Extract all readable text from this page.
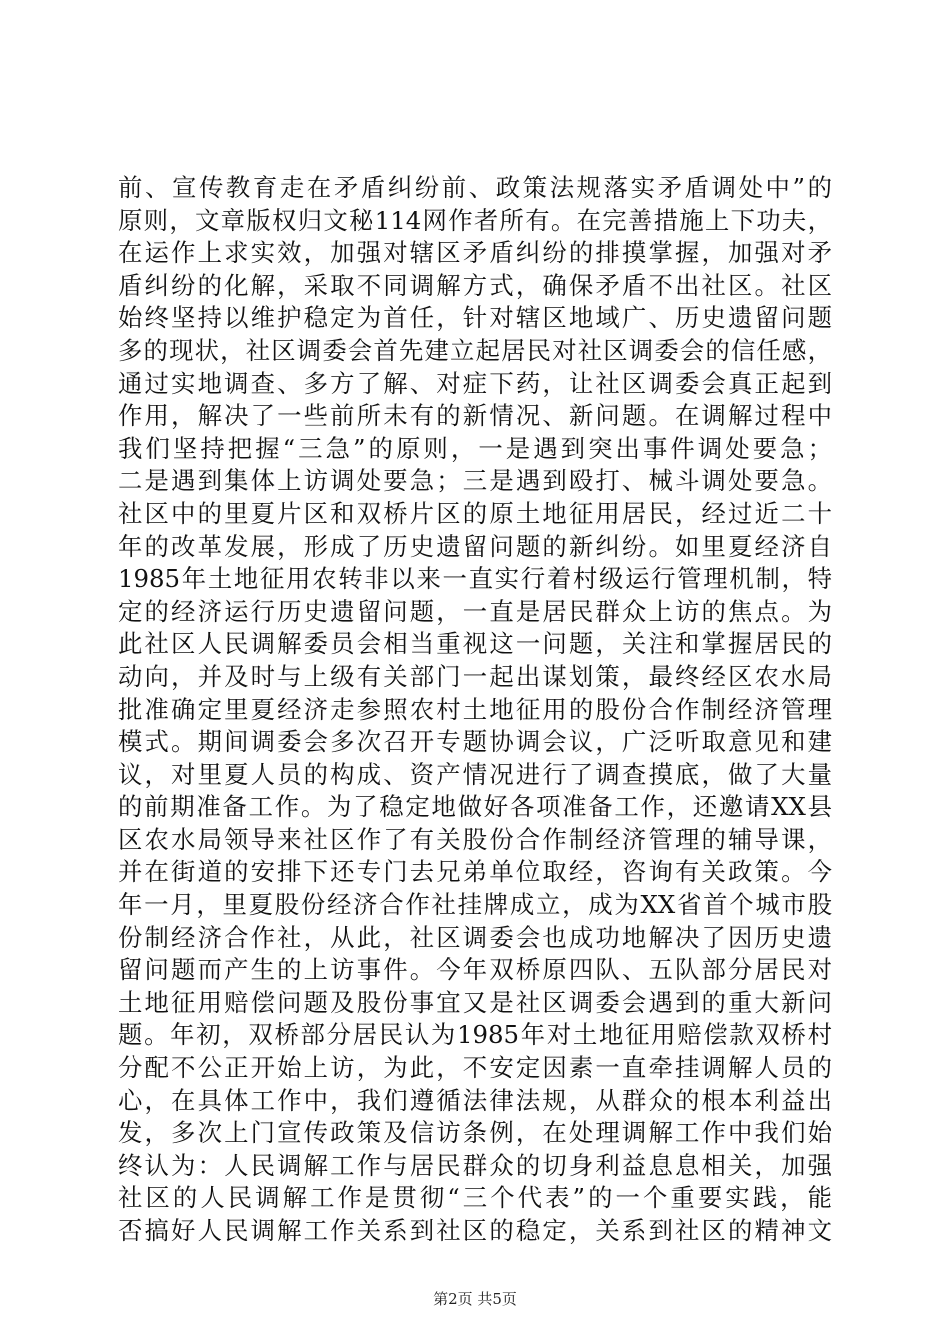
前、宣传教育走在矛盾纠纷前、政策法规落实矛盾调处中”的
原则，文章版权归文秘114网作者所有。在完善措施上下功夫，
在运作上求实效，加强对辖区矛盾纠纷的排摸掌握，加强对矛
盾纠纷的化解，采取不同调解方式，确保矛盾不出社区。社区
始终坚持以维护稳定为首任，针对辖区地域广、历史遗留问题
多的现状，社区调委会首先建立起居民对社区调委会的信任感，
通过实地调查、多方了解、对症下药，让社区调委会真正起到
作用，解决了一些前所未有的新情况、新问题。在调解过程中
我们坚持把握“三急”的原则，一是遇到突出事件调处要急；
二是遇到集体上访调处要急；三是遇到殴打、械斗调处要急。
社区中的里夏片区和双桥片区的原土地征用居民，经过近二十
年的改革发展，形成了历史遗留问题的新纠纷。如里夏经济自
1985年土地征用农转非以来一直实行着村级运行管理机制，特
定的经济运行历史遗留问题，一直是居民群众上访的焦点。为
此社区人民调解委员会相当重视这一问题，关注和掌握居民的
动向，并及时与上级有关部门一起出谋划策，最终经区农水局
批准确定里夏经济走参照农村土地征用的股份合作制经济管理
模式。期间调委会多次召开专题协调会议，广泛听取意见和建
议，对里夏人员的构成、资产情况进行了调查摸底，做了大量
的前期准备工作。为了稳定地做好各项准备工作，还邀请XX县
区农水局领导来社区作了有关股份合作制经济管理的辅导课，
并在街道的安排下还专门去兄弟单位取经，咨询有关政策。今
年一月，里夏股份经济合作社挂牌成立，成为XX省首个城市股
份制经济合作社，从此，社区调委会也成功地解决了因历史遗
留问题而产生的上访事件。今年双桥原四队、五队部分居民对
土地征用赔偿问题及股份事宜又是社区调委会遇到的重大新问
题。年初，双桥部分居民认为1985年对土地征用赔偿款双桥村
分配不公正开始上访，为此，不安定因素一直牵挂调解人员的
心，在具体工作中，我们遵循法律法规，从群众的根本利益出
发，多次上门宣传政策及信访条例，在处理调解工作中我们始
终认为：人民调解工作与居民群众的切身利益息息相关，加强
社区的人民调解工作是贯彻“三个代表”的一个重要实践，能
否搞好人民调解工作关系到社区的稳定，关系到社区的精神文
第2页 共5页
